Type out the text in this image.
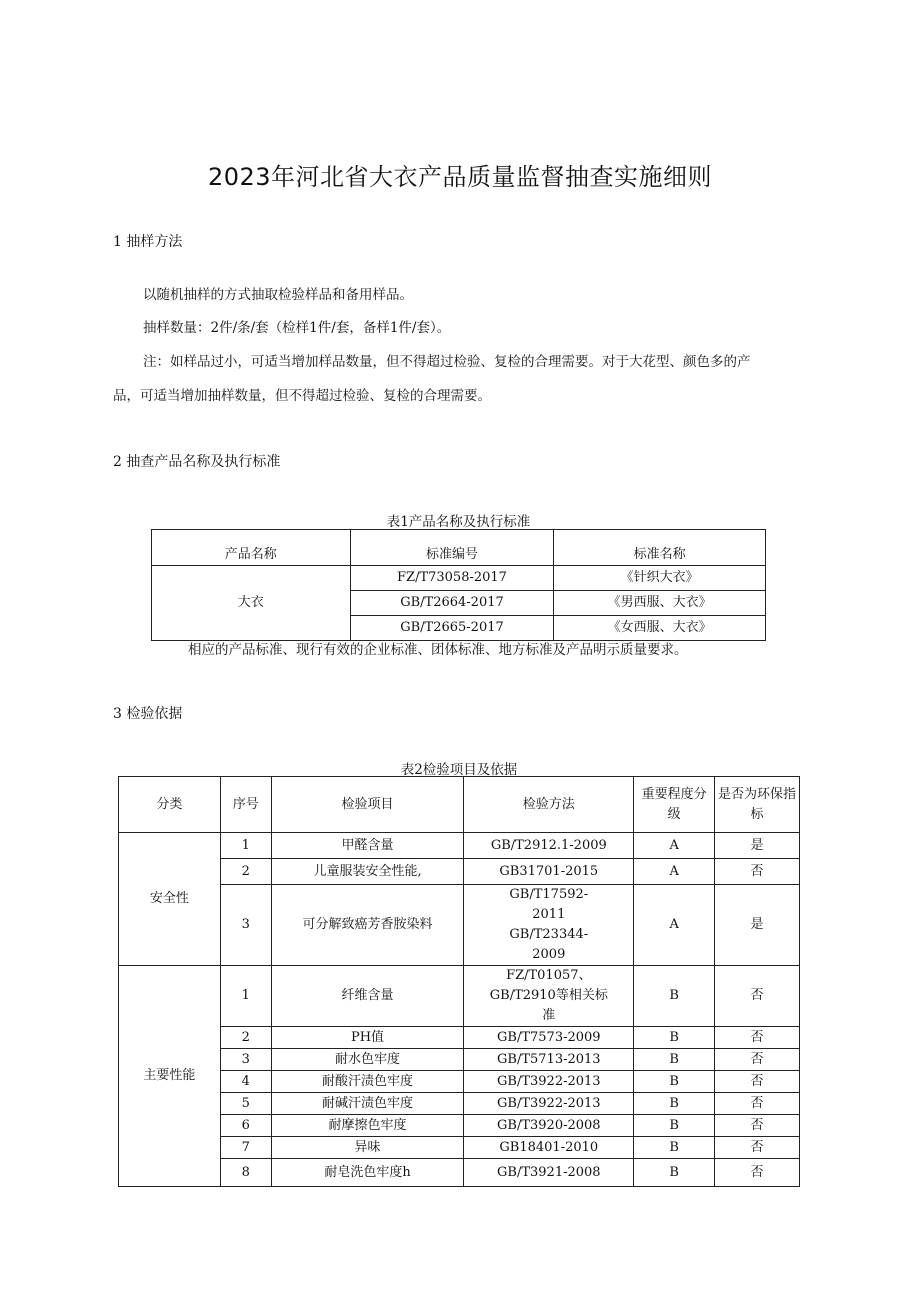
2023年河北省大衣产品质量监督抽查实施细则
1 抽样方法
以随机抽样的方式抽取检验样品和备用样品。
抽样数量：2件/条/套（检样1件/套，备样1件/套）。
注：如样品过小，可适当增加样品数量，但不得超过检验、复检的合理需要。对于大花型、颜色多的产
品，可适当增加抽样数量，但不得超过检验、复检的合理需要。
2 抽查产品名称及执行标准
表1产品名称及执行标准
产品名称	标准编号	标准名称
大衣	FZ/T73058-2017	《针织大衣》
	GB/T2664-2017	《男西服、大衣》
	GB/T2665-2017	《女西服、大衣》
相应的产品标准、现行有效的企业标准、团体标准、地方标准及产品明示质量要求。
3 检验依据
表2检验项目及依据
分类	序号	检验项目	检验方法	重要程度分级	是否为环保指标
安全性	1	甲醛含量	GB/T2912.1-2009	A	是
	2	儿童服装安全性能,	GB31701-2015	A	否
	3	可分解致癌芳香胺染料	GB/T17592-2011 GB/T23344-2009	A	是
主要性能	1	纤维含量	FZ/T01057、GB/T2910等相关标准	B	否
	2	PH值	GB/T7573-2009	B	否
	3	耐水色牢度	GB/T5713-2013	B	否
	4	耐酸汗渍色牢度	GB/T3922-2013	B	否
	5	耐碱汗渍色牢度	GB/T3922-2013	B	否
	6	耐摩擦色牢度	GB/T3920-2008	B	否
	7	异味	GB18401-2010	B	否
	8	耐皂洗色牢度h	GB/T3921-2008	B	否
